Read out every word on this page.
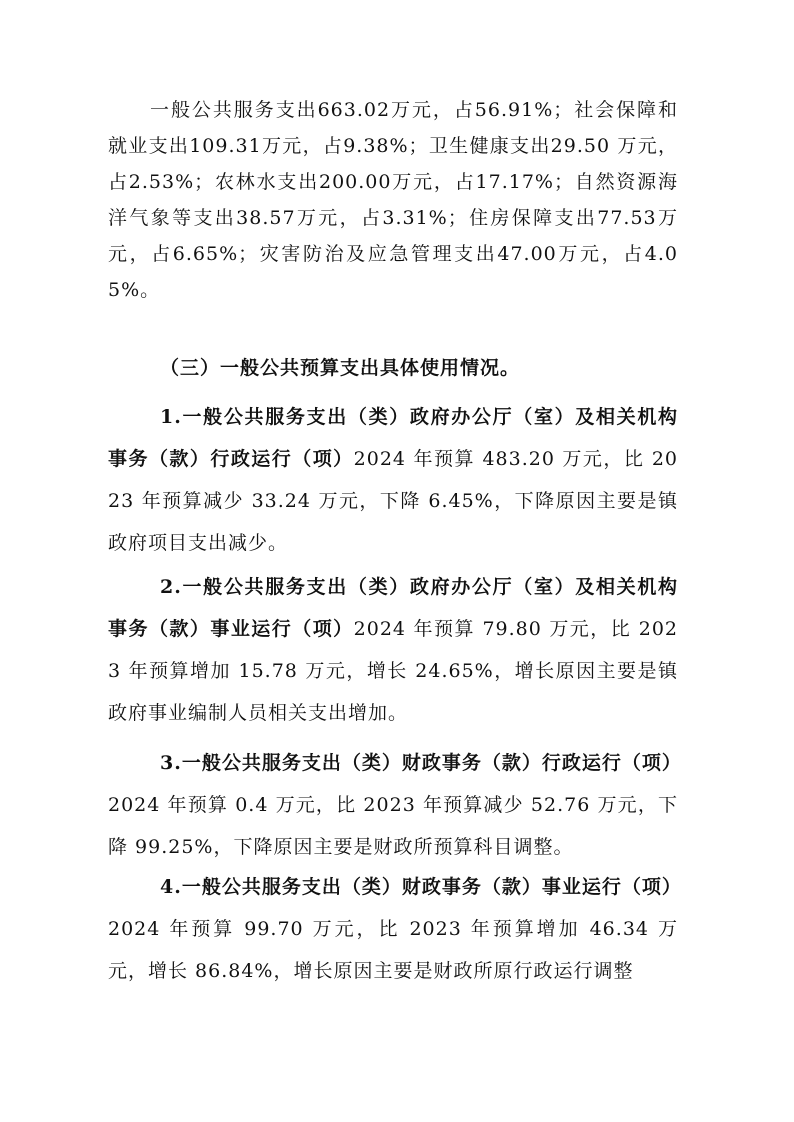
一般公共服务支出663.02万元，占56.91%；社会保障和就业支出109.31万元，占9.38%；卫生健康支出29.50 万元，占2.53%；农林水支出200.00万元，占17.17%；自然资源海洋气象等支出38.57万元，占3.31%；住房保障支出77.53万元，占6.65%；灾害防治及应急管理支出47.00万元，占4.05%。
（三）一般公共预算支出具体使用情况。
1.一般公共服务支出（类）政府办公厅（室）及相关机构事务（款）行政运行（项）2024 年预算 483.20 万元，比 2023 年预算减少 33.24 万元，下降 6.45%，下降原因主要是镇政府项目支出减少。
2.一般公共服务支出（类）政府办公厅（室）及相关机构事务（款）事业运行（项）2024 年预算 79.80 万元，比 2023 年预算增加 15.78 万元，增长 24.65%，增长原因主要是镇政府事业编制人员相关支出增加。
3.一般公共服务支出（类）财政事务（款）行政运行（项）2024 年预算 0.4 万元，比 2023 年预算减少 52.76 万元，下降 99.25%，下降原因主要是财政所预算科目调整。
4.一般公共服务支出（类）财政事务（款）事业运行（项）2024 年预算 99.70 万元，比 2023 年预算增加 46.34 万元，增长 86.84%，增长原因主要是财政所原行政运行调整
